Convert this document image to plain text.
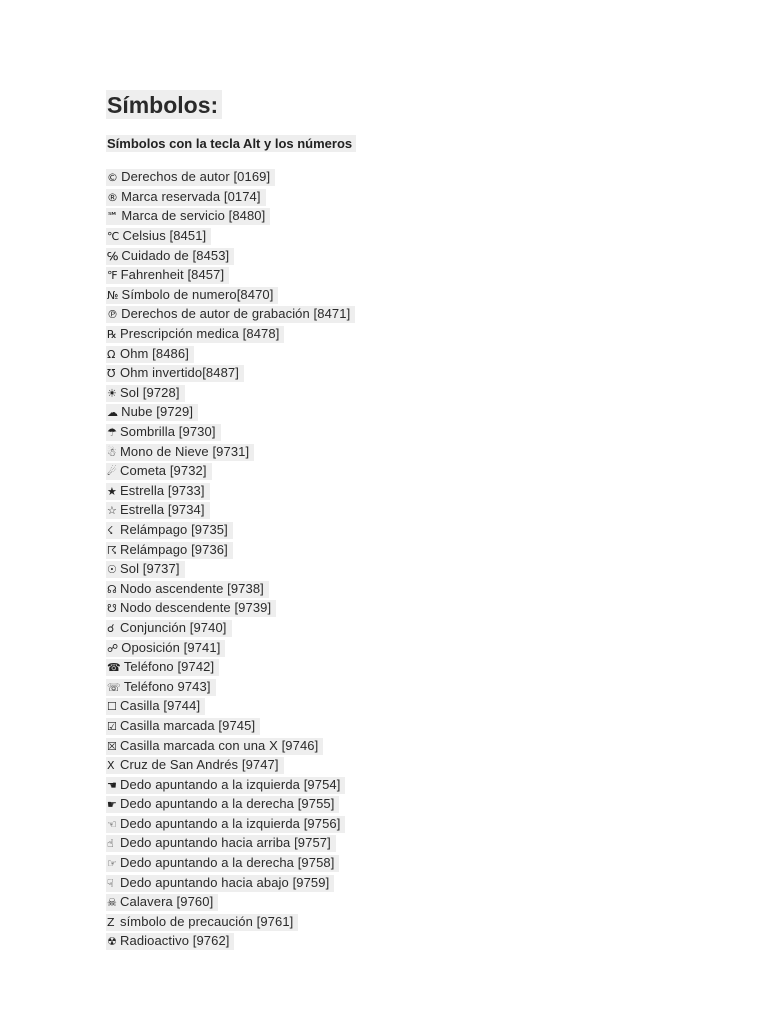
Símbolos:
Símbolos con la tecla Alt y los números
© Derechos de autor [0169]
® Marca reservada [0174]
℠ Marca de servicio [8480]
℃ Celsius [8451]
℅ Cuidado de [8453]
℉ Fahrenheit [8457]
№ Símbolo de numero[8470]
℗ Derechos de autor de grabación [8471]
℞ Prescripción medica [8478]
Ω Ohm [8486]
℧ Ohm invertido[8487]
☀ Sol [9728]
☁ Nube [9729]
☂ Sombrilla [9730]
☃ Mono de Nieve [9731]
☄ Cometa [9732]
★ Estrella [9733]
☆ Estrella [9734]
☇ Relámpago [9735]
☈ Relámpago [9736]
☉ Sol [9737]
☊ Nodo ascendente [9738]
☋ Nodo descendente [9739]
☌ Conjunción [9740]
☍ Oposición [9741]
☎ Teléfono [9742]
☏ Teléfono 9743]
☐ Casilla [9744]
☑ Casilla marcada [9745]
☒ Casilla marcada con una X [9746]
X Cruz de San Andrés [9747]
☚ Dedo apuntando a la izquierda [9754]
☛ Dedo apuntando a la derecha [9755]
☜ Dedo apuntando a la izquierda [9756]
☝ Dedo apuntando hacia arriba [9757]
☞ Dedo apuntando a la derecha [9758]
☟ Dedo apuntando hacia abajo [9759]
☠ Calavera [9760]
Z símbolo de precaución [9761]
☢ Radioactivo [9762]
